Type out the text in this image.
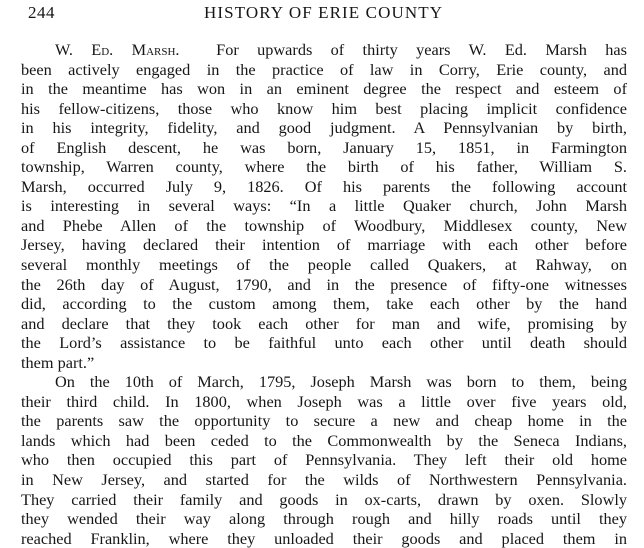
244	HISTORY OF ERIE COUNTY
W. Ed. Marsh. For upwards of thirty years W. Ed. Marsh has
been actively engaged in the practice of law in Corry, Erie county, and
in the meantime has won in an eminent degree the respect and esteem of
his fellow-citizens, those who know him best placing implicit confidence
in his integrity, fidelity, and good judgment. A Pennsylvanian by birth,
of English descent, he was born, January 15, 1851, in Farmington
township, Warren county, where the birth of his father, William S.
Marsh, occurred July 9, 1826. Of his parents the following account
is interesting in several ways: “In a little Quaker church, John Marsh
and Phebe Allen of the township of Woodbury, Middlesex county, New
Jersey, having declared their intention of marriage with each other before
several monthly meetings of the people called Quakers, at Rahway, on
the 26th day of August, 1790, and in the presence of fifty-one witnesses
did, according to the custom among them, take each other by the hand
and declare that they took each other for man and wife, promising by
the Lord’s assistance to be faithful unto each other until death should
them part.”
On the 10th of March, 1795, Joseph Marsh was born to them, being
their third child. In 1800, when Joseph was a little over five years old,
the parents saw the opportunity to secure a new and cheap home in the
lands which had been ceded to the Commonwealth by the Seneca Indians,
who then occupied this part of Pennsylvania. They left their old home
in New Jersey, and started for the wilds of Northwestern Pennsylvania.
They carried their family and goods in ox-carts, drawn by oxen. Slowly
they wended their way along through rough and hilly roads until they
reached Franklin, where they unloaded their goods and placed them in
